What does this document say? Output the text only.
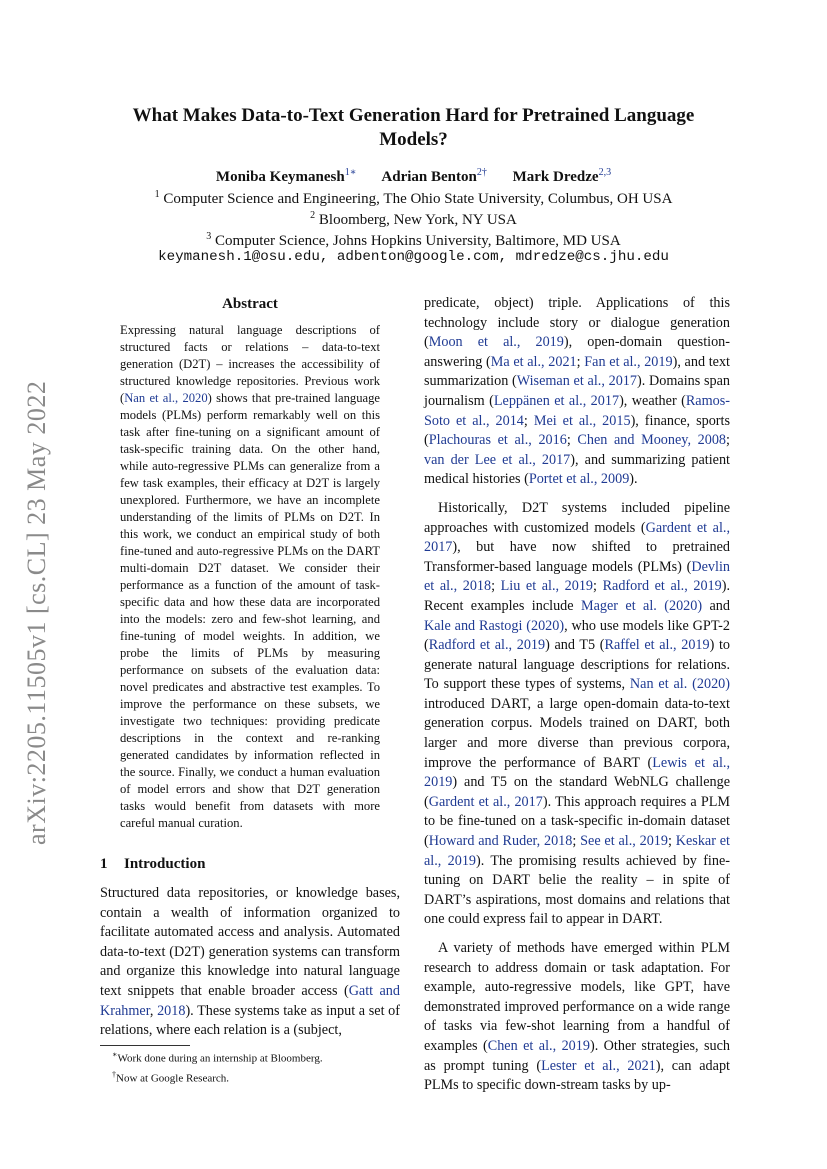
arXiv:2205.11505v1 [cs.CL] 23 May 2022
What Makes Data-to-Text Generation Hard for Pretrained Language Models?
Moniba Keymanesh$^{1∗}$ Adrian Benton$^{2\dagger}$ Mark Dredze$^{2,3}$
$^1$ Computer Science and Engineering, The Ohio State University, Columbus, OH USA
$^2$ Bloomberg, New York, NY USA
$^3$ Computer Science, Johns Hopkins University, Baltimore, MD USA
keymanesh.1@osu.edu, adbenton@google.com, mdredze@cs.jhu.edu
Abstract
Expressing natural language descriptions of structured facts or relations – data-to-text generation (D2T) – increases the accessibility of structured knowledge repositories. Previous work (Nan et al., 2020) shows that pre-trained language models (PLMs) perform remarkably well on this task after fine-tuning on a significant amount of task-specific training data. On the other hand, while auto-regressive PLMs can generalize from a few task examples, their efficacy at D2T is largely unexplored. Furthermore, we have an incomplete understanding of the limits of PLMs on D2T. In this work, we conduct an empirical study of both fine-tuned and auto-regressive PLMs on the DART multi-domain D2T dataset. We consider their performance as a function of the amount of task-specific data and how these data are incorporated into the models: zero and few-shot learning, and fine-tuning of model weights. In addition, we probe the limits of PLMs by measuring performance on subsets of the evaluation data: novel predicates and abstractive test examples. To improve the performance on these subsets, we investigate two techniques: providing predicate descriptions in the context and re-ranking generated candidates by information reflected in the source. Finally, we conduct a human evaluation of model errors and show that D2T generation tasks would benefit from datasets with more careful manual curation.
1 Introduction
Structured data repositories, or knowledge bases, contain a wealth of information organized to facilitate automated access and analysis. Automated data-to-text (D2T) generation systems can transform and organize this knowledge into natural language text snippets that enable broader access (Gatt and Krahmer, 2018). These systems take as input a set of relations, where each relation is a (subject,

predicate, object) triple. Applications of this technology include story or dialogue generation (Moon et al., 2019), open-domain question-answering (Ma et al., 2021; Fan et al., 2019), and text summarization (Wiseman et al., 2017). Domains span journalism (Leppänen et al., 2017), weather (Ramos-Soto et al., 2014; Mei et al., 2015), finance, sports (Plachouras et al., 2016; Chen and Mooney, 2008; van der Lee et al., 2017), and summarizing patient medical histories (Portet et al., 2009).

Historically, D2T systems included pipeline approaches with customized models (Gardent et al., 2017), but have now shifted to pretrained Transformer-based language models (PLMs) (Devlin et al., 2018; Liu et al., 2019; Radford et al., 2019). Recent examples include Mager et al. (2020) and Kale and Rastogi (2020), who use models like GPT-2 (Radford et al., 2019) and T5 (Raffel et al., 2019) to generate natural language descriptions for relations. To support these types of systems, Nan et al. (2020) introduced DART, a large open-domain data-to-text generation corpus. Models trained on DART, both larger and more diverse than previous corpora, improve the performance of BART (Lewis et al., 2019) and T5 on the standard WebNLG challenge (Gardent et al., 2017). This approach requires a PLM to be fine-tuned on a task-specific in-domain dataset (Howard and Ruder, 2018; See et al., 2019; Keskar et al., 2019). The promising results achieved by fine-tuning on DART belie the reality – in spite of DART’s aspirations, most domains and relations that one could express fail to appear in DART.

A variety of methods have emerged within PLM research to address domain or task adaptation. For example, auto-regressive models, like GPT, have demonstrated improved performance on a wide range of tasks via few-shot learning from a handful of examples (Chen et al., 2019). Other strategies, such as prompt tuning (Lester et al., 2021), can adapt PLMs to specific down-stream tasks by up-

∗Work done during an internship at Bloomberg.
†Now at Google Research.
